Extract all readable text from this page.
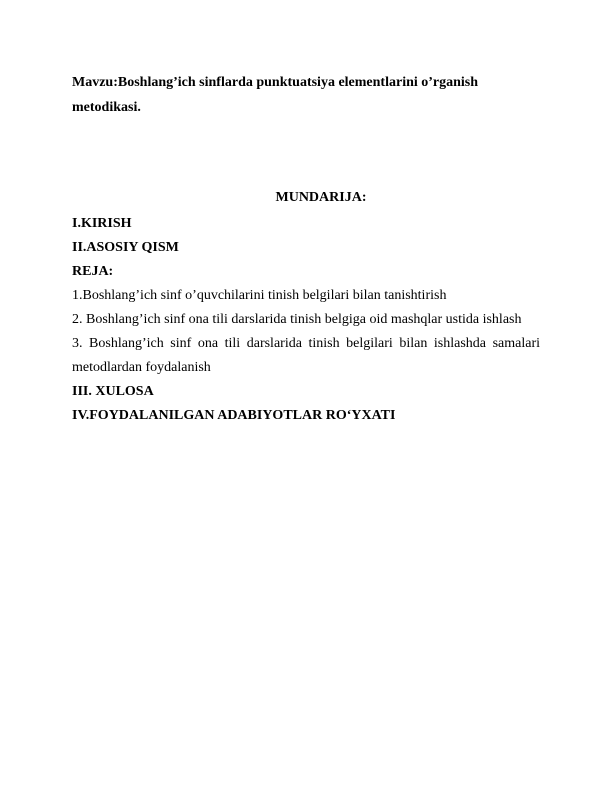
Mavzu:Boshlang’ich sinflarda punktuatsiya elementlarini o’rganish
metodikasi.

MUNDARIJA:

I.KIRISH
II.ASOSIY QISM
REJA:
1.Boshlang’ich sinf o’quvchilarini tinish belgilari bilan tanishtirish
2. Boshlang’ich sinf ona tili darslarida tinish belgiga oid mashqlar ustida ishlash
3. Boshlang’ich sinf ona tili darslarida tinish belgilari bilan ishlashda samalari metodlardan foydalanish
III. XULOSA
IV.FOYDALANILGAN ADABIYOTLAR RO‘YXATI
